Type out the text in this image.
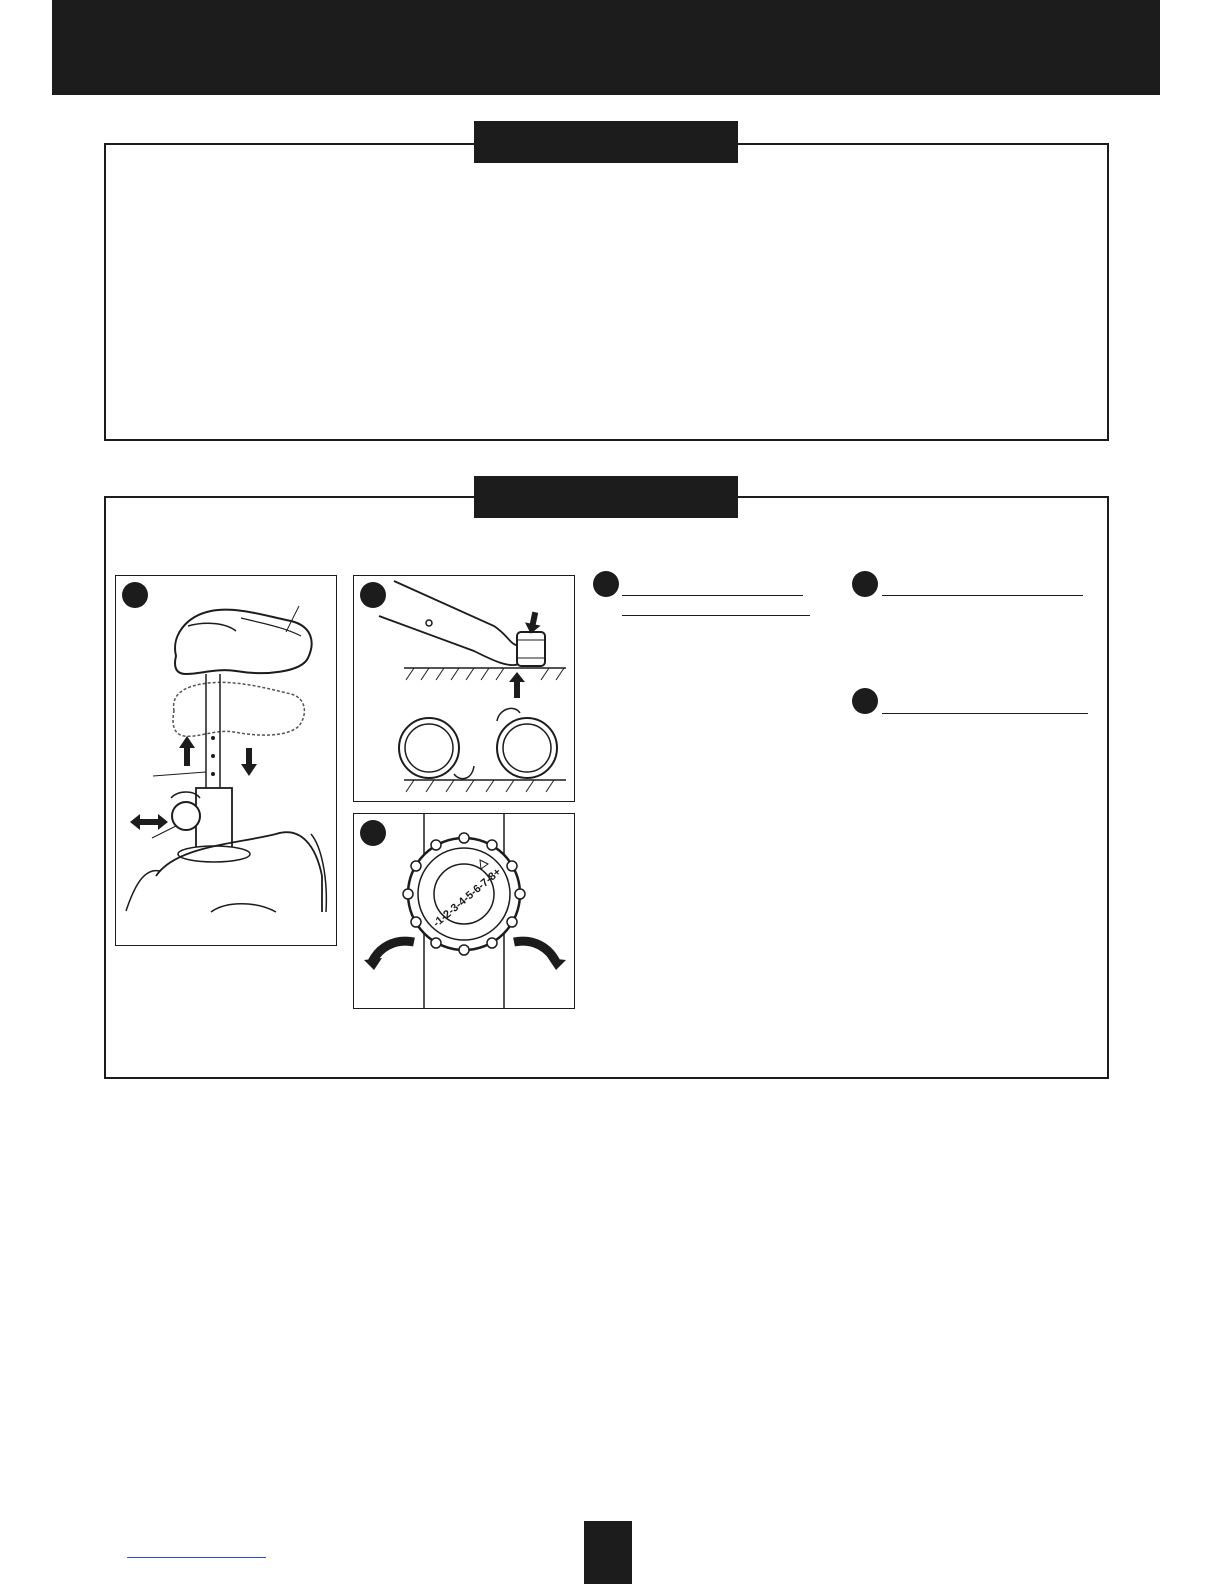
-1-2-3-4-5-6-7-8+
